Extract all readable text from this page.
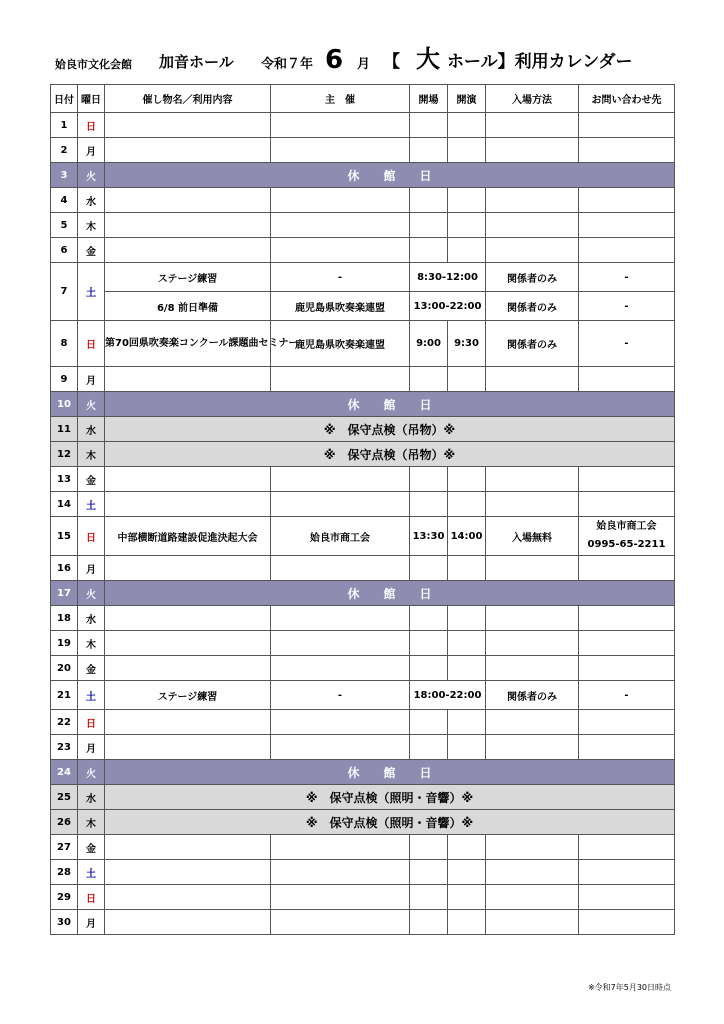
姶良市文化会館 加音ホール 令和７年 6 月 【 大 ホール】利用カレンダー
日付	曜日	催し物名／利用内容	主　催	開場	開演	入場方法	お問い合わせ先
1	日						
2	月						
3	火	休　　館　　日					
4	水						
5	木						
6	金						
7	土	ステージ練習	-	8:30-12:00		関係者のみ	-
		6/8 前日準備	鹿児島県吹奏楽連盟	13:00-22:00		関係者のみ	-
8	日	第70回県吹奏楽コンクール課題曲セミナー	鹿児島県吹奏楽連盟	9:00	9:30	関係者のみ	-
9	月						
10	火	休　　館　　日					
11	水	※　保守点検（吊物）※					
12	木	※　保守点検（吊物）※					
13	金						
14	土						
15	日	中部横断道路建設促進決起大会	姶良市商工会	13:30	14:00	入場無料	姶良市商工会
0995-65-2211

16	月						
17	火	休　　館　　日					
18	水						
19	木						
20	金						
21	土	ステージ練習	-	18:00-22:00		関係者のみ	-
22	日						
23	月						
24	火	休　　館　　日					
25	水	※　保守点検（照明・音響）※					
26	木	※　保守点検（照明・音響）※					
27	金						
28	土						
29	日						
30	月						
※令和7年5月30日時点
